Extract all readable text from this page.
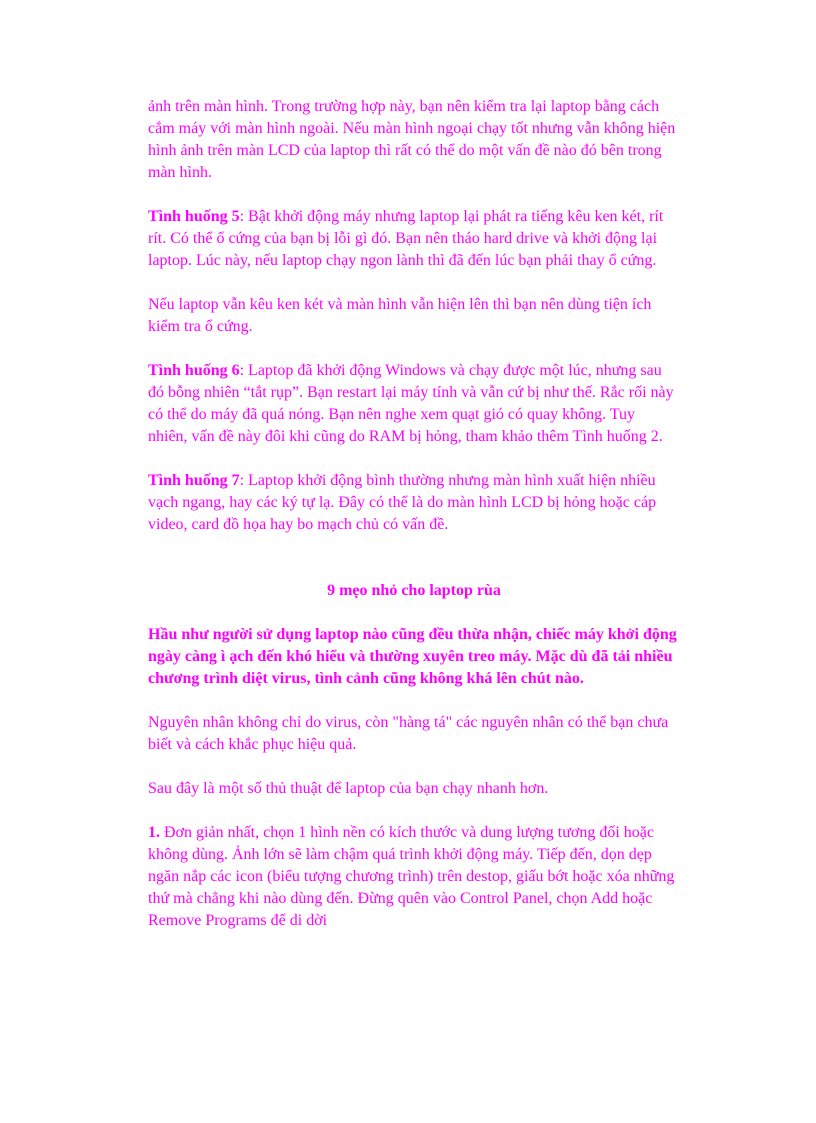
ảnh trên màn hình. Trong trường hợp này, bạn nên kiểm tra lại laptop bằng cách cắm máy với màn hình ngoài. Nếu màn hình ngoại chạy tốt nhưng vẫn không hiện hình ảnh trên màn LCD của laptop thì rất có thể do một vấn đề nào đó bên trong màn hình.

Tình huống 5: Bật khởi động máy nhưng laptop lại phát ra tiếng kêu ken két, rít rít. Có thể ổ cứng của bạn bị lỗi gì đó. Bạn nên tháo hard drive và khởi động lại laptop. Lúc này, nếu laptop chạy ngon lành thì đã đến lúc bạn phải thay ổ cứng.

Nếu laptop vẫn kêu ken két và màn hình vẫn hiện lên thì bạn nên dùng tiện ích kiểm tra ổ cứng.

Tình huống 6: Laptop đã khởi động Windows và chạy được một lúc, nhưng sau đó bỗng nhiên “tắt rụp”. Bạn restart lại máy tính và vẫn cứ bị như thế. Rắc rối này có thể do máy đã quá nóng. Bạn nên nghe xem quạt gió có quay không. Tuy nhiên, vấn đề này đôi khi cũng do RAM bị hỏng, tham khảo thêm Tình huống 2.

Tình huống 7: Laptop khởi động bình thường nhưng màn hình xuất hiện nhiều vạch ngang, hay các ký tự lạ. Đây có thể là do màn hình LCD bị hỏng hoặc cáp video, card đồ họa hay bo mạch chủ có vấn đề.

9 mẹo nhỏ cho laptop rùa

Hầu như người sử dụng laptop nào cũng đều thừa nhận, chiếc máy khởi động ngày càng ì ạch đến khó hiểu và thường xuyên treo máy. Mặc dù đã tải nhiều chương trình diệt virus, tình cảnh cũng không khá lên chút nào.

Nguyên nhân không chỉ do virus, còn "hàng tá" các nguyên nhân có thể bạn chưa biết và cách khắc phục hiệu quả.

Sau đây là một số thủ thuật để laptop của bạn chạy nhanh hơn.

1. Đơn giản nhất, chọn 1 hình nền có kích thước và dung lượng tương đối hoặc không dùng. Ảnh lớn sẽ làm chậm quá trình khởi động máy. Tiếp đến, dọn dẹp ngăn nắp các icon (biểu tượng chương trình) trên destop, giấu bớt hoặc xóa những thứ mà chẳng khi nào dùng đến. Đừng quên vào Control Panel, chọn Add hoặc Remove Programs để di dời
